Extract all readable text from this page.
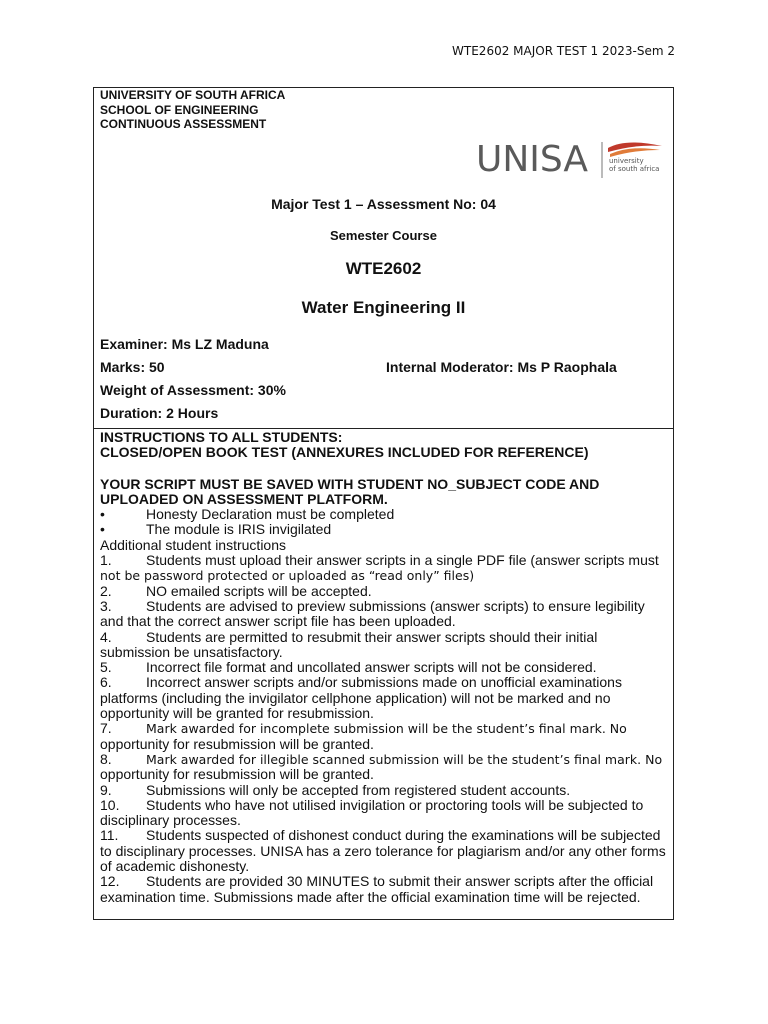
WTE2602 MAJOR TEST 1 2023-Sem 2
UNIVERSITY OF SOUTH AFRICA
SCHOOL OF ENGINEERING
CONTINUOUS ASSESSMENT
UNISA	university
of south africa
Major Test 1 – Assessment No: 04
Semester Course
WTE2602
Water Engineering II
Examiner: Ms LZ Maduna
Marks: 50	Internal Moderator: Ms P Raophala
Weight of Assessment: 30%
Duration: 2 Hours
INSTRUCTIONS TO ALL STUDENTS:
CLOSED/OPEN BOOK TEST (ANNEXURES INCLUDED FOR REFERENCE)
YOUR SCRIPT MUST BE SAVED WITH STUDENT NO_SUBJECT CODE AND UPLOADED ON ASSESSMENT PLATFORM.
•	Honesty Declaration must be completed
•	The module is IRIS invigilated
Additional student instructions
1. Students must upload their answer scripts in a single PDF file (answer scripts must
not be password protected or uploaded as “read only” files)
2. NO emailed scripts will be accepted.
3. Students are advised to preview submissions (answer scripts) to ensure legibility and that the correct answer script file has been uploaded.
4. Students are permitted to resubmit their answer scripts should their initial submission be unsatisfactory.
5. Incorrect file format and uncollated answer scripts will not be considered.
6. Incorrect answer scripts and/or submissions made on unofficial examinations platforms (including the invigilator cellphone application) will not be marked and no opportunity will be granted for resubmission.
7.	Mark awarded for incomplete submission will be the student’s final mark. No
opportunity for resubmission will be granted.
8.	Mark awarded for illegible scanned submission will be the student’s final mark. No
opportunity for resubmission will be granted.
9. Submissions will only be accepted from registered student accounts.
10. Students who have not utilised invigilation or proctoring tools will be subjected to disciplinary processes.
11. Students suspected of dishonest conduct during the examinations will be subjected to disciplinary processes. UNISA has a zero tolerance for plagiarism and/or any other forms of academic dishonesty.
12. Students are provided 30 MINUTES to submit their answer scripts after the official examination time. Submissions made after the official examination time will be rejected.
